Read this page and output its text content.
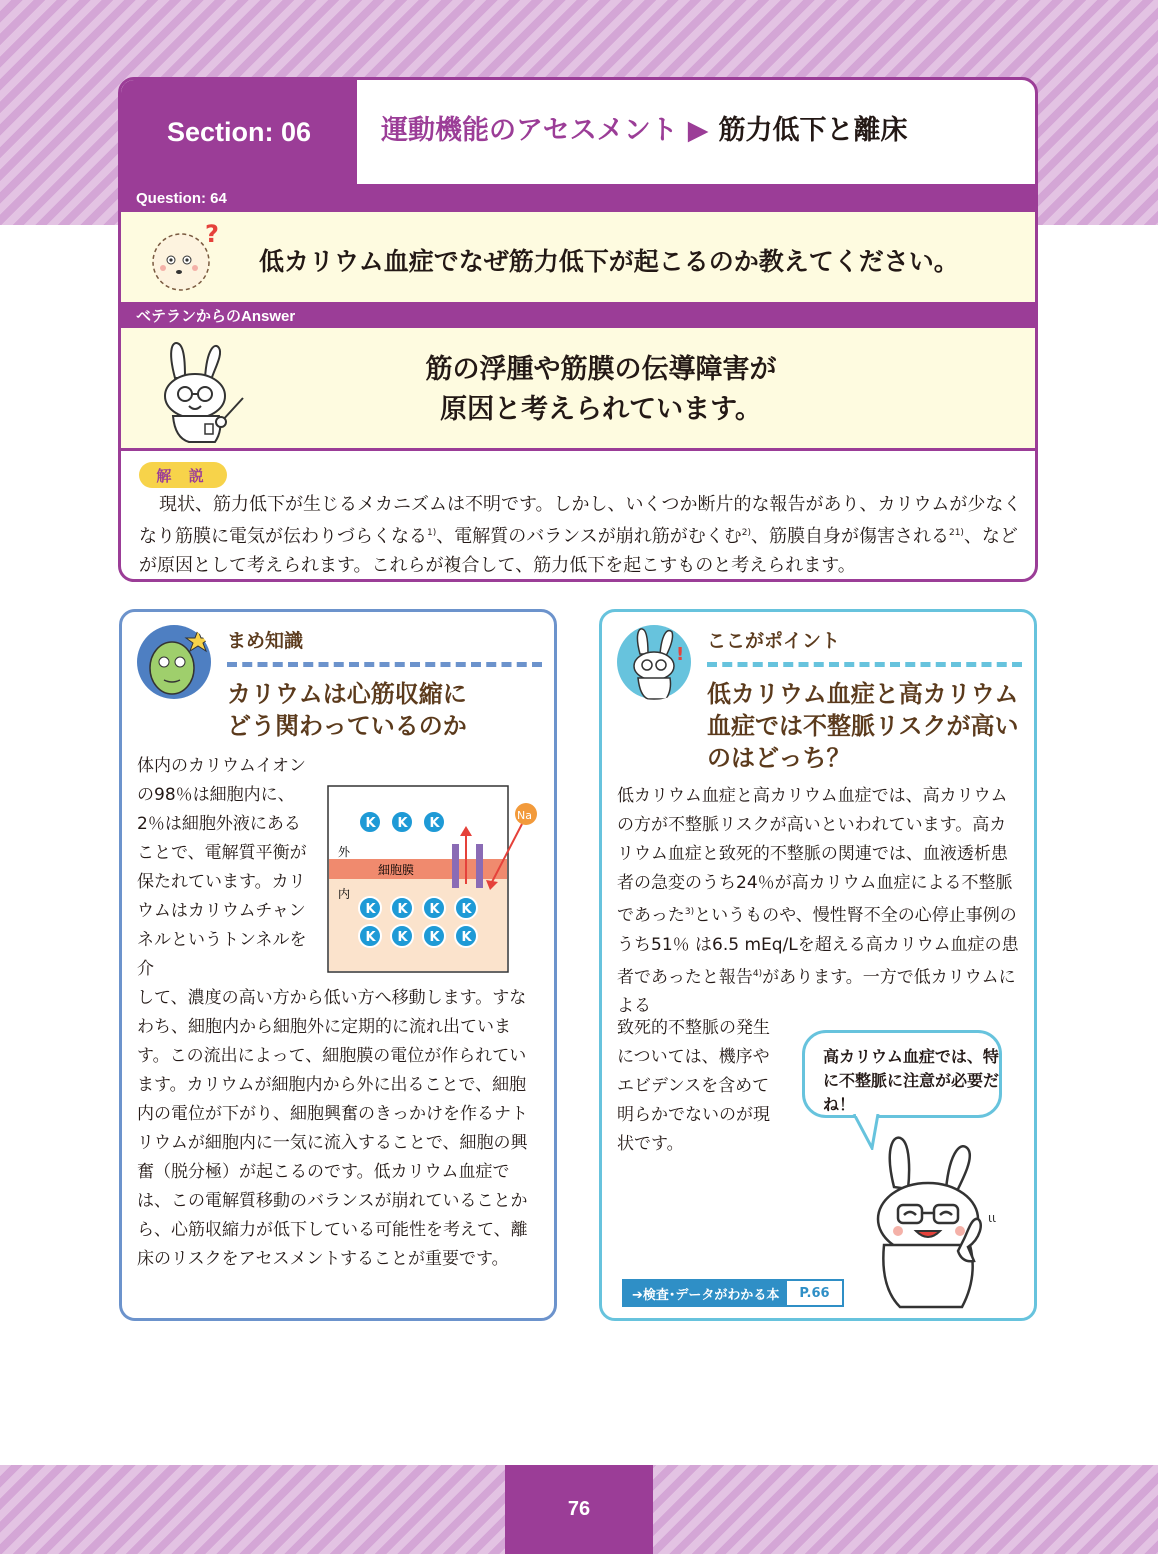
76
Section: 06	運動機能のアセスメント ▶ 筋力低下と離床
Question: 64
?
低カリウム血症でなぜ筋力低下が起こるのか教えてください。
ベテランからのAnswer
筋の浮腫や筋膜の伝導障害が
原因と考えられています。
解 説
現状、筋力低下が生じるメカニズムは不明です。しかし、いくつか断片的な報告があり、カリウムが少なくなり筋膜に電気が伝わりづらくなる$^{1)}$、電解質のバランスが崩れ筋がむくむ$^{2)}$、筋膜自身が傷害される$^{21)}$、などが原因として考えられます。これらが複合して、筋力低下を起こすものと考えられます。
まめ知識
カリウムは心筋収縮に
どう関わっているのか
体内のカリウムイオンの98％は細胞内に、2％は細胞外液にあることで、電解質平衡が保たれています。カリウムはカリウムチャンネルというトンネルを介
外
内
細胞膜
Na
K K K
K K K K
K K K K
して、濃度の高い方から低い方へ移動します。すなわち、細胞内から細胞外に定期的に流れ出ています。この流出によって、細胞膜の電位が作られています。カリウムが細胞内から外に出ることで、細胞内の電位が下がり、細胞興奮のきっかけを作るナトリウムが細胞内に一気に流入することで、細胞の興奮（脱分極）が起こるのです。低カリウム血症では、この電解質移動のバランスが崩れていることから、心筋収縮力が低下している可能性を考えて、離床のリスクをアセスメントすることが重要です。
!
ここがポイント
低カリウム血症と高カリウム
血症では不整脈リスクが高い
のはどっち？
低カリウム血症と高カリウム血症では、高カリウムの方が不整脈リスクが高いといわれています。高カリウム血症と致死的不整脈の関連では、血液透析患者の急変のうち24％が高カリウム血症による不整脈であった$^{3)}$というものや、慢性腎不全の心停止事例のうち51％ は6.5 mEq/Lを超える高カリウム血症の患者であったと報告$^{4)}$があります。一方で低カリウムによる
致死的不整脈の発生については、機序やエビデンスを含めて明らかでないのが現状です。
高カリウム血症では、特に不整脈に注意が必要だね！
ιι
➔検査･データがわかる本	P.66
